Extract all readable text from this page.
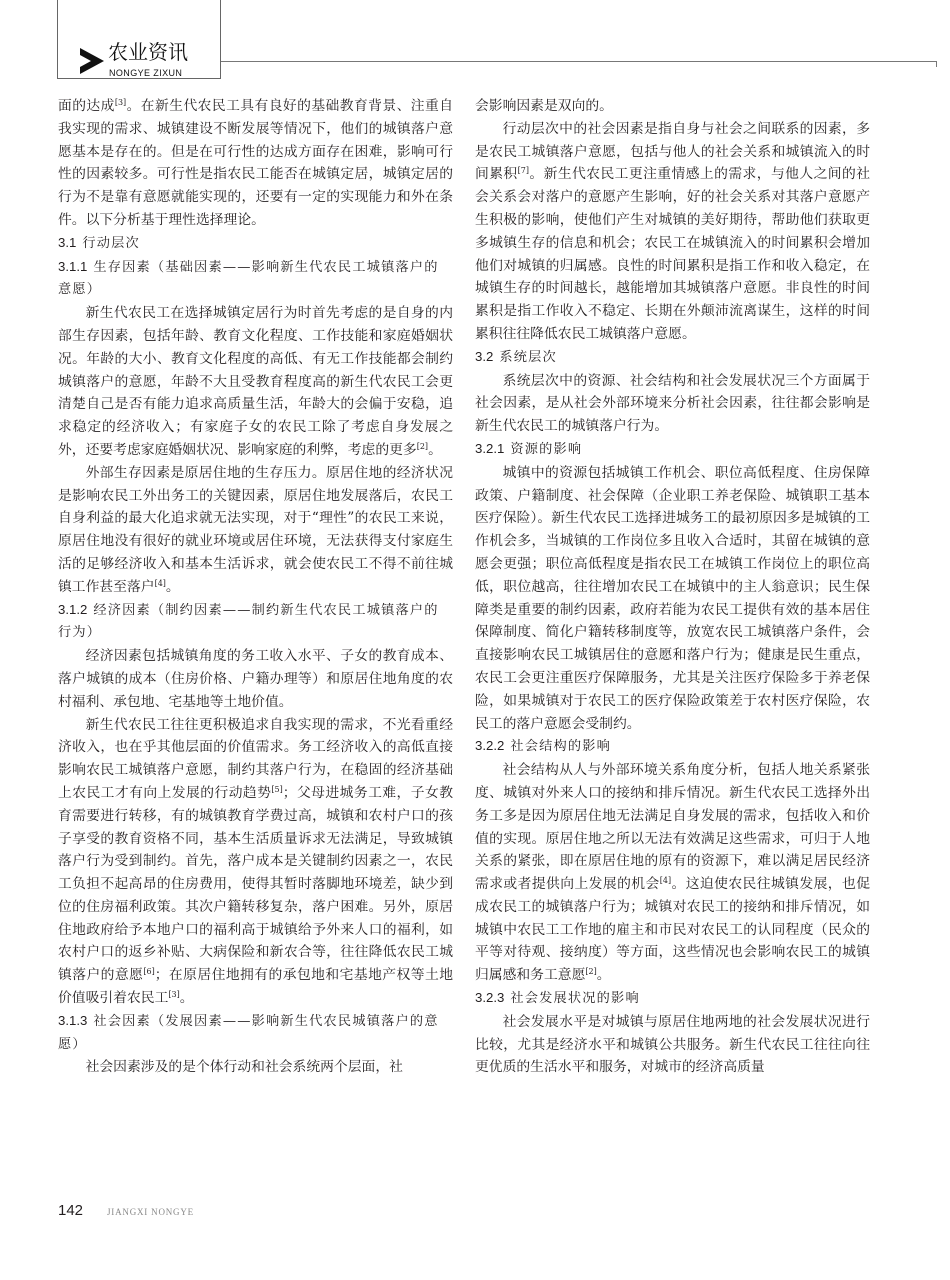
农业资讯
NONGYE ZIXUN

面的达成[3]。在新生代农民工具有良好的基础教育背景、注重自我实现的需求、城镇建设不断发展等情况下，他们的城镇落户意愿基本是存在的。但是在可行性的达成方面存在困难，影响可行性的因素较多。可行性是指农民工能否在城镇定居，城镇定居的行为不是靠有意愿就能实现的，还要有一定的实现能力和外在条件。以下分析基于理性选择理论。

3.1 行动层次

3.1.1 生存因素（基础因素——影响新生代农民工城镇落户的意愿）

新生代农民工在选择城镇定居行为时首先考虑的是自身的内部生存因素，包括年龄、教育文化程度、工作技能和家庭婚姻状况。年龄的大小、教育文化程度的高低、有无工作技能都会制约城镇落户的意愿，年龄不大且受教育程度高的新生代农民工会更清楚自己是否有能力追求高质量生活，年龄大的会偏于安稳，追求稳定的经济收入；有家庭子女的农民工除了考虑自身发展之外，还要考虑家庭婚姻状况、影响家庭的利弊，考虑的更多[2]。

外部生存因素是原居住地的生存压力。原居住地的经济状况是影响农民工外出务工的关键因素，原居住地发展落后，农民工自身利益的最大化追求就无法实现，对于“理性”的农民工来说，原居住地没有很好的就业环境或居住环境，无法获得支付家庭生活的足够经济收入和基本生活诉求，就会使农民工不得不前往城镇工作甚至落户[4]。

3.1.2 经济因素（制约因素——制约新生代农民工城镇落户的行为）

经济因素包括城镇角度的务工收入水平、子女的教育成本、落户城镇的成本（住房价格、户籍办理等）和原居住地角度的农村福利、承包地、宅基地等土地价值。

新生代农民工往往更积极追求自我实现的需求，不光看重经济收入，也在乎其他层面的价值需求。务工经济收入的高低直接影响农民工城镇落户意愿，制约其落户行为，在稳固的经济基础上农民工才有向上发展的行动趋势[5]；父母进城务工难，子女教育需要进行转移，有的城镇教育学费过高，城镇和农村户口的孩子享受的教育资格不同，基本生活质量诉求无法满足，导致城镇落户行为受到制约。首先，落户成本是关键制约因素之一，农民工负担不起高昂的住房费用，使得其暂时落脚地环境差，缺少到位的住房福利政策。其次户籍转移复杂，落户困难。另外，原居住地政府给予本地户口的福利高于城镇给予外来人口的福利，如农村户口的返乡补贴、大病保险和新农合等，往往降低农民工城镇落户的意愿[6]；在原居住地拥有的承包地和宅基地产权等土地价值吸引着农民工[3]。

3.1.3 社会因素（发展因素——影响新生代农民城镇落户的意愿）

社会因素涉及的是个体行动和社会系统两个层面，社

会影响因素是双向的。

行动层次中的社会因素是指自身与社会之间联系的因素，多是农民工城镇落户意愿，包括与他人的社会关系和城镇流入的时间累积[7]。新生代农民工更注重情感上的需求，与他人之间的社会关系会对落户的意愿产生影响，好的社会关系对其落户意愿产生积极的影响，使他们产生对城镇的美好期待，帮助他们获取更多城镇生存的信息和机会；农民工在城镇流入的时间累积会增加他们对城镇的归属感。良性的时间累积是指工作和收入稳定，在城镇生存的时间越长，越能增加其城镇落户意愿。非良性的时间累积是指工作收入不稳定、长期在外颠沛流离谋生，这样的时间累积往往降低农民工城镇落户意愿。

3.2 系统层次

系统层次中的资源、社会结构和社会发展状况三个方面属于社会因素，是从社会外部环境来分析社会因素，往往都会影响是新生代农民工的城镇落户行为。

3.2.1 资源的影响

城镇中的资源包括城镇工作机会、职位高低程度、住房保障政策、户籍制度、社会保障（企业职工养老保险、城镇职工基本医疗保险）。新生代农民工选择进城务工的最初原因多是城镇的工作机会多，当城镇的工作岗位多且收入合适时，其留在城镇的意愿会更强；职位高低程度是指农民工在城镇工作岗位上的职位高低，职位越高，往往增加农民工在城镇中的主人翁意识；民生保障类是重要的制约因素，政府若能为农民工提供有效的基本居住保障制度、简化户籍转移制度等，放宽农民工城镇落户条件，会直接影响农民工城镇居住的意愿和落户行为；健康是民生重点，农民工会更注重医疗保障服务，尤其是关注医疗保险多于养老保险，如果城镇对于农民工的医疗保险政策差于农村医疗保险，农民工的落户意愿会受制约。

3.2.2 社会结构的影响

社会结构从人与外部环境关系角度分析，包括人地关系紧张度、城镇对外来人口的接纳和排斥情况。新生代农民工选择外出务工多是因为原居住地无法满足自身发展的需求，包括收入和价值的实现。原居住地之所以无法有效满足这些需求，可归于人地关系的紧张，即在原居住地的原有的资源下，难以满足居民经济需求或者提供向上发展的机会[4]。这迫使农民往城镇发展，也促成农民工的城镇落户行为；城镇对农民工的接纳和排斥情况，如城镇中农民工工作地的雇主和市民对农民工的认同程度（民众的平等对待观、接纳度）等方面，这些情况也会影响农民工的城镇归属感和务工意愿[2]。

3.2.3 社会发展状况的影响

社会发展水平是对城镇与原居住地两地的社会发展状况进行比较，尤其是经济水平和城镇公共服务。新生代农民工往往向往更优质的生活水平和服务，对城市的经济高质量

142	JIANGXI NONGYE
